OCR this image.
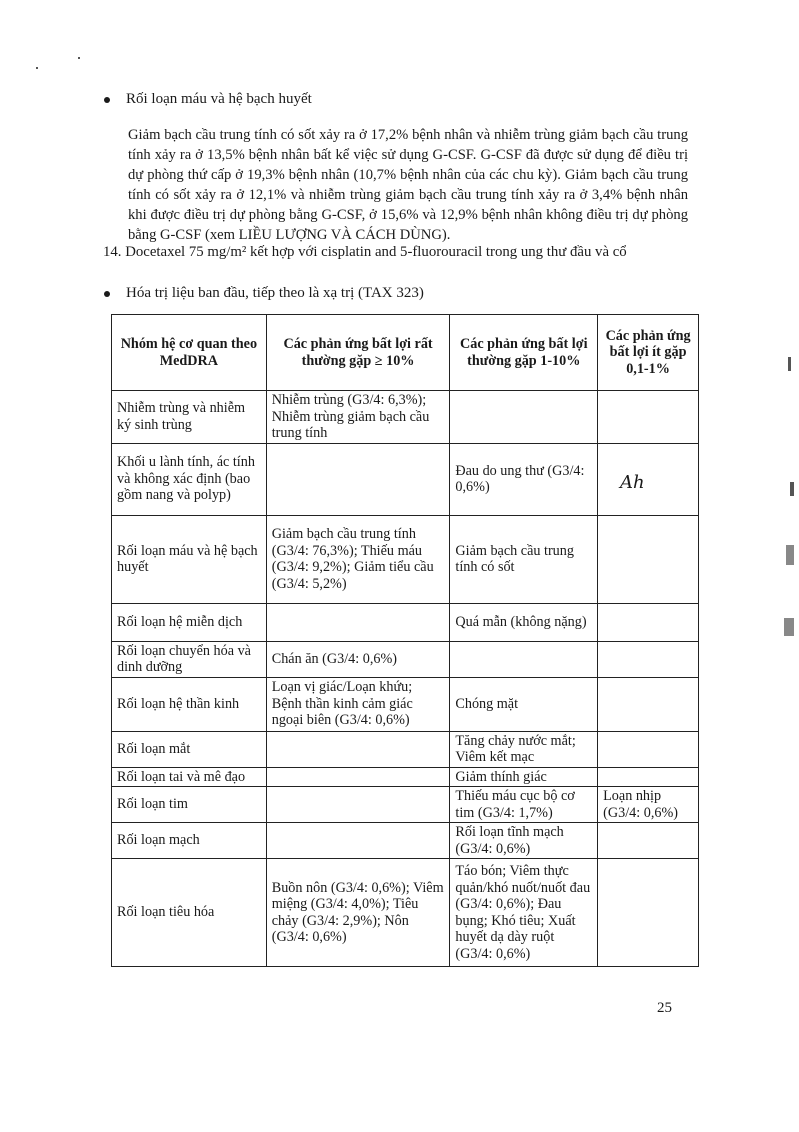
Rối loạn máu và hệ bạch huyết
Giảm bạch cầu trung tính có sốt xảy ra ở 17,2% bệnh nhân và nhiễm trùng giảm bạch cầu trung tính xảy ra ở 13,5% bệnh nhân bất kể việc sử dụng G-CSF. G-CSF đã được sử dụng để điều trị dự phòng thứ cấp ở 19,3% bệnh nhân (10,7% bệnh nhân của các chu kỳ). Giảm bạch cầu trung tính có sốt xảy ra ở 12,1% và nhiễm trùng giảm bạch cầu trung tính xảy ra ở 3,4% bệnh nhân khi được điều trị dự phòng bằng G-CSF, ở 15,6% và 12,9% bệnh nhân không điều trị dự phòng bằng G-CSF (xem LIỀU LƯỢNG VÀ CÁCH DÙNG).
14. Docetaxel 75 mg/m² kết hợp với cisplatin and 5-fluorouracil trong ung thư đầu và cổ
Hóa trị liệu ban đầu, tiếp theo là xạ trị (TAX 323)
Nhóm hệ cơ quan theo MedDRA	Các phản ứng bất lợi rất thường gặp ≥ 10%	Các phản ứng bất lợi thường gặp 1-10%	Các phản ứng bất lợi ít gặp 0,1-1%
Nhiễm trùng và nhiễm ký sinh trùng	Nhiễm trùng (G3/4: 6,3%); Nhiễm trùng giảm bạch cầu trung tính		
Khối u lành tính, ác tính và không xác định (bao gồm nang và polyp)		Đau do ung thư (G3/4: 0,6%)	
Rối loạn máu và hệ bạch huyết	Giảm bạch cầu trung tính (G3/4: 76,3%); Thiếu máu (G3/4: 9,2%); Giảm tiểu cầu (G3/4: 5,2%)	Giảm bạch cầu trung tính có sốt	
Rối loạn hệ miễn dịch		Quá mẫn (không nặng)	
Rối loạn chuyển hóa và dinh dưỡng	Chán ăn (G3/4: 0,6%)		
Rối loạn hệ thần kinh	Loạn vị giác/Loạn khứu; Bệnh thần kinh cảm giác ngoại biên (G3/4: 0,6%)	Chóng mặt	
Rối loạn mắt		Tăng chảy nước mắt; Viêm kết mạc	
Rối loạn tai và mê đạo		Giảm thính giác	
Rối loạn tim		Thiếu máu cục bộ cơ tim (G3/4: 1,7%)	Loạn nhịp (G3/4: 0,6%)
Rối loạn mạch		Rối loạn tĩnh mạch (G3/4: 0,6%)	
Rối loạn tiêu hóa	Buồn nôn (G3/4: 0,6%); Viêm miệng (G3/4: 4,0%); Tiêu chảy (G3/4: 2,9%); Nôn (G3/4: 0,6%)	Táo bón; Viêm thực quản/khó nuốt/nuốt đau (G3/4: 0,6%); Đau bụng; Khó tiêu; Xuất huyết dạ dày ruột (G3/4: 0,6%)	
Ah
25
